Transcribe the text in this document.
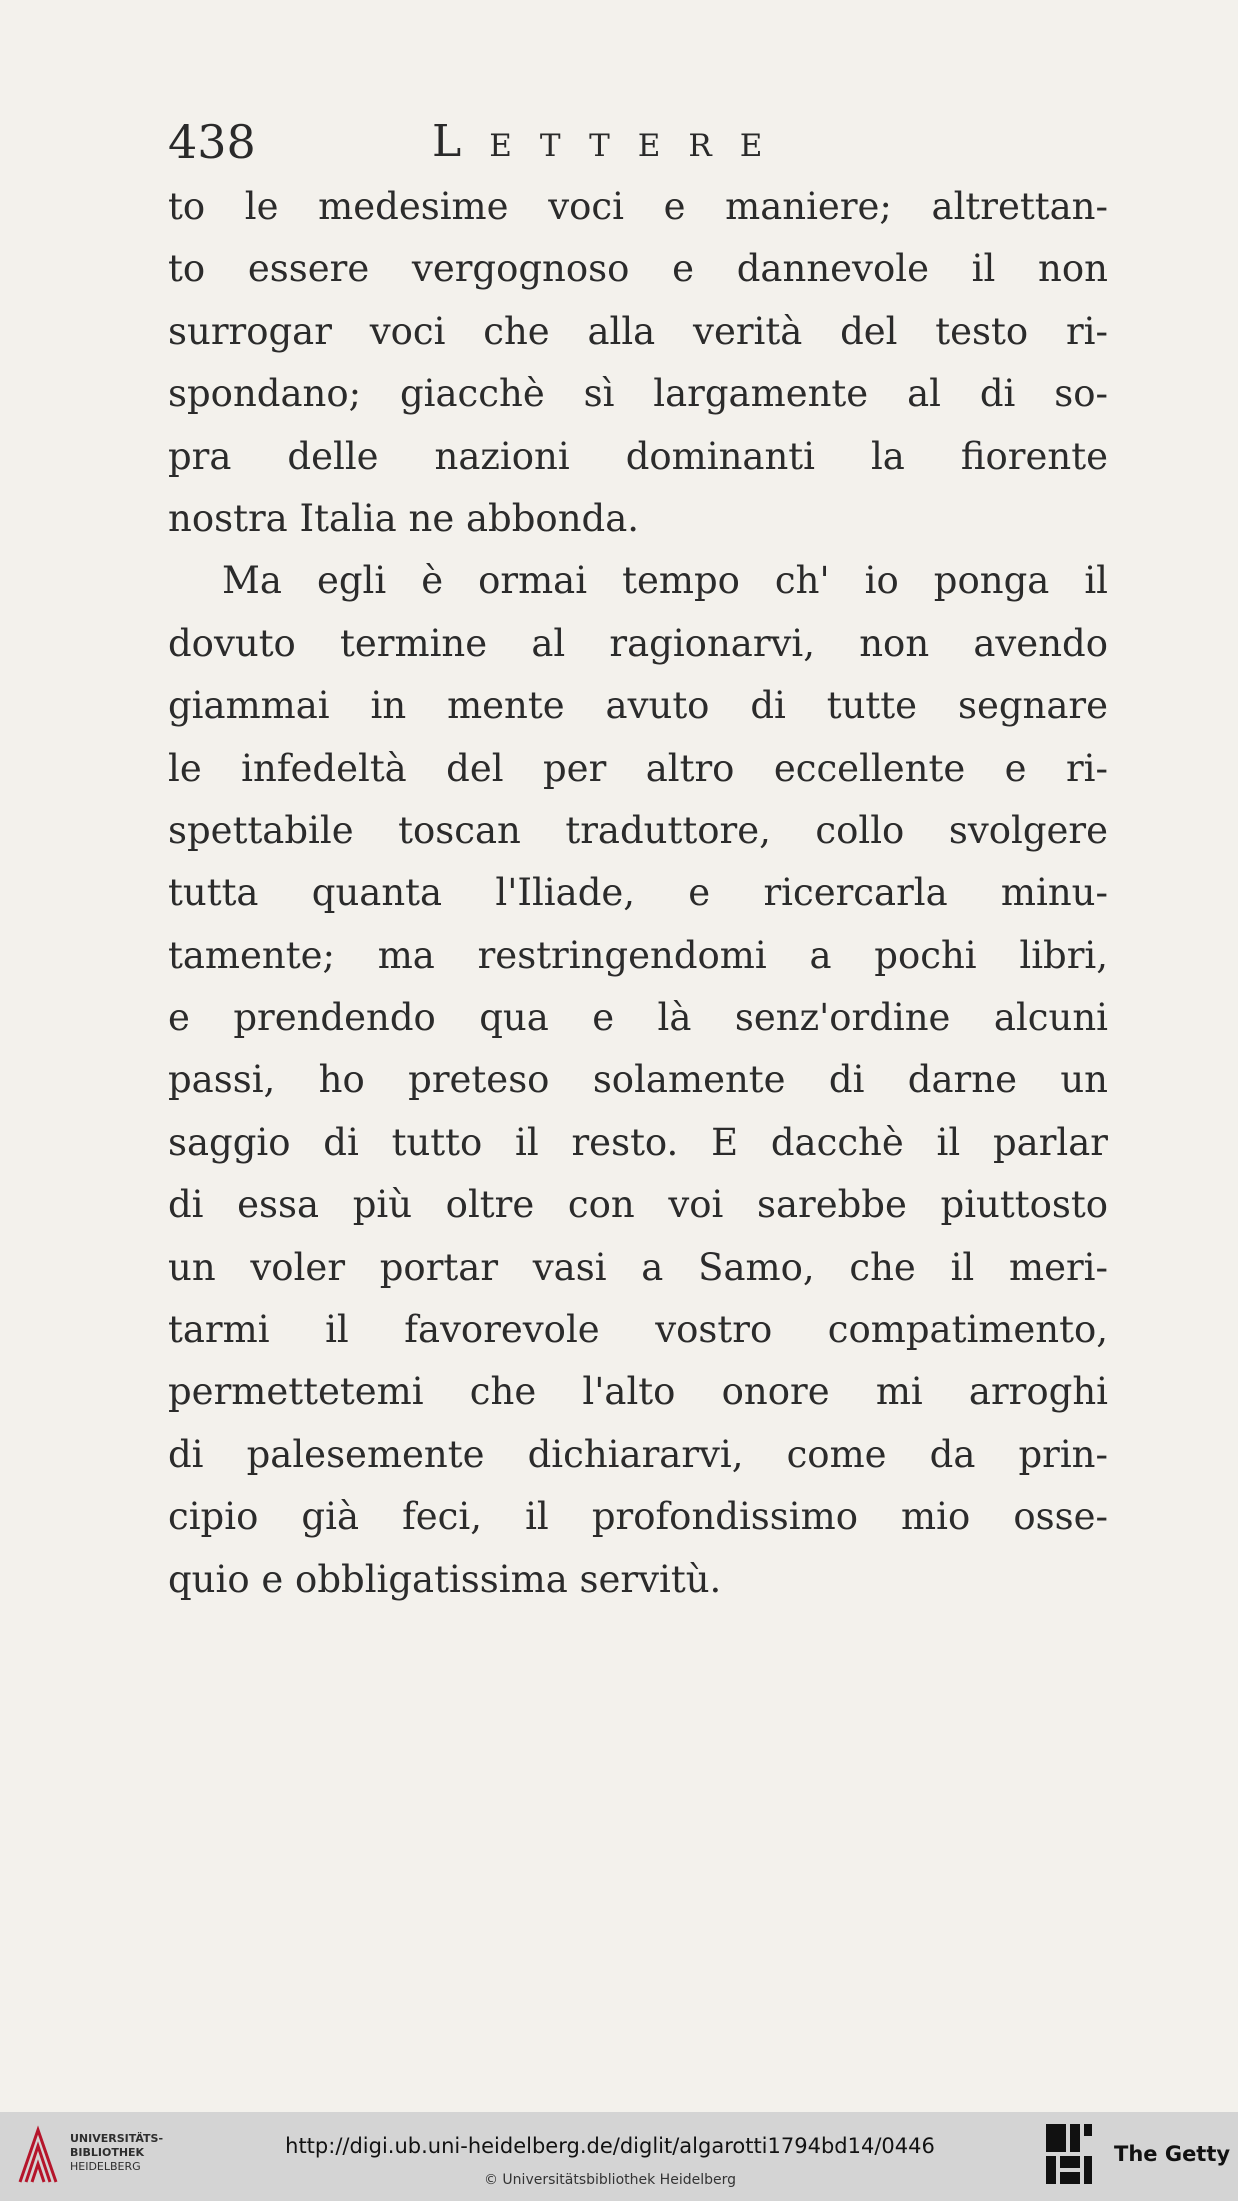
438	Lettere
to le medesime voci e maniere; altrettan-
to essere vergognoso e dannevole il non
surrogar voci che alla verità del testo ri-
spondano; giacchè sì largamente al di so-
pra delle nazioni dominanti la fiorente
nostra Italia ne abbonda.
Ma egli è ormai tempo ch' io ponga il
dovuto termine al ragionarvi, non avendo
giammai in mente avuto di tutte segnare
le infedeltà del per altro eccellente e ri-
spettabile toscan traduttore, collo svolgere
tutta quanta l'Iliade, e ricercarla minu-
tamente; ma restringendomi a pochi libri,
e prendendo qua e là senz'ordine alcuni
passi, ho preteso solamente di darne un
saggio di tutto il resto. E dacchè il parlar
di essa più oltre con voi sarebbe piuttosto
un voler portar vasi a Samo, che il meri-
tarmi il favorevole vostro compatimento,
permettetemi che l'alto onore mi arroghi
di palesemente dichiararvi, come da prin-
cipio già feci, il profondissimo mio osse-
quio e obbligatissima servitù.
UNIVERSITÄTS-
BIBLIOTHEK
HEIDELBERG
http://digi.ub.uni-heidelberg.de/diglit/algarotti1794bd14/0446
© Universitätsbibliothek Heidelberg
The Getty
